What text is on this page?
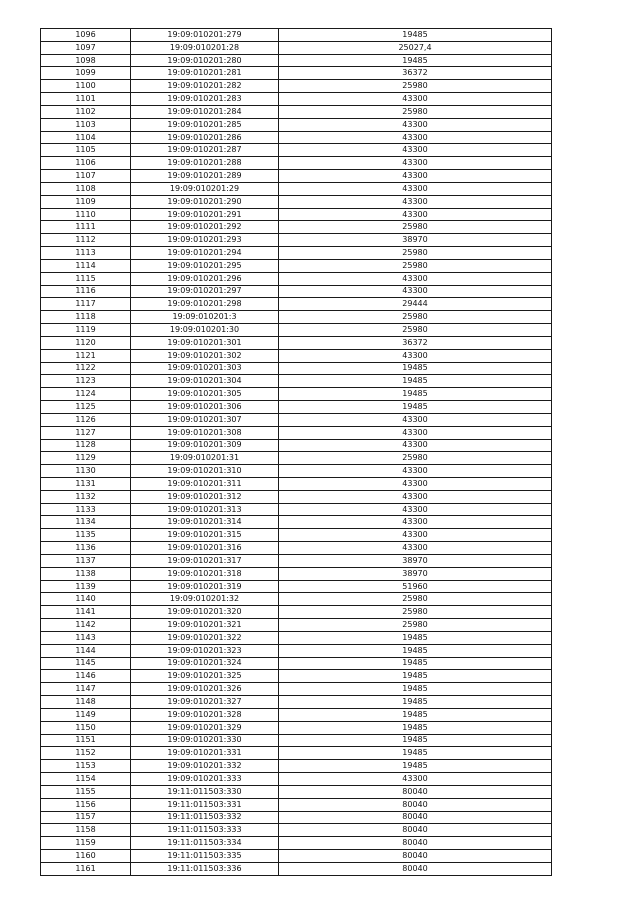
1096	19:09:010201:279	19485
1097	19:09:010201:28	25027,4
1098	19:09:010201:280	19485
1099	19:09:010201:281	36372
1100	19:09:010201:282	25980
1101	19:09:010201:283	43300
1102	19:09:010201:284	25980
1103	19:09:010201:285	43300
1104	19:09:010201:286	43300
1105	19:09:010201:287	43300
1106	19:09:010201:288	43300
1107	19:09:010201:289	43300
1108	19:09:010201:29	43300
1109	19:09:010201:290	43300
1110	19:09:010201:291	43300
1111	19:09:010201:292	25980
1112	19:09:010201:293	38970
1113	19:09:010201:294	25980
1114	19:09:010201:295	25980
1115	19:09:010201:296	43300
1116	19:09:010201:297	43300
1117	19:09:010201:298	29444
1118	19:09:010201:3	25980
1119	19:09:010201:30	25980
1120	19:09:010201:301	36372
1121	19:09:010201:302	43300
1122	19:09:010201:303	19485
1123	19:09:010201:304	19485
1124	19:09:010201:305	19485
1125	19:09:010201:306	19485
1126	19:09:010201:307	43300
1127	19:09:010201:308	43300
1128	19:09:010201:309	43300
1129	19:09:010201:31	25980
1130	19:09:010201:310	43300
1131	19:09:010201:311	43300
1132	19:09:010201:312	43300
1133	19:09:010201:313	43300
1134	19:09:010201:314	43300
1135	19:09:010201:315	43300
1136	19:09:010201:316	43300
1137	19:09:010201:317	38970
1138	19:09:010201:318	38970
1139	19:09:010201:319	51960
1140	19:09:010201:32	25980
1141	19:09:010201:320	25980
1142	19:09:010201:321	25980
1143	19:09:010201:322	19485
1144	19:09:010201:323	19485
1145	19:09:010201:324	19485
1146	19:09:010201:325	19485
1147	19:09:010201:326	19485
1148	19:09:010201:327	19485
1149	19:09:010201:328	19485
1150	19:09:010201:329	19485
1151	19:09:010201:330	19485
1152	19:09:010201:331	19485
1153	19:09:010201:332	19485
1154	19:09:010201:333	43300
1155	19:11:011503:330	80040
1156	19:11:011503:331	80040
1157	19:11:011503:332	80040
1158	19:11:011503:333	80040
1159	19:11:011503:334	80040
1160	19:11:011503:335	80040
1161	19:11:011503:336	80040
